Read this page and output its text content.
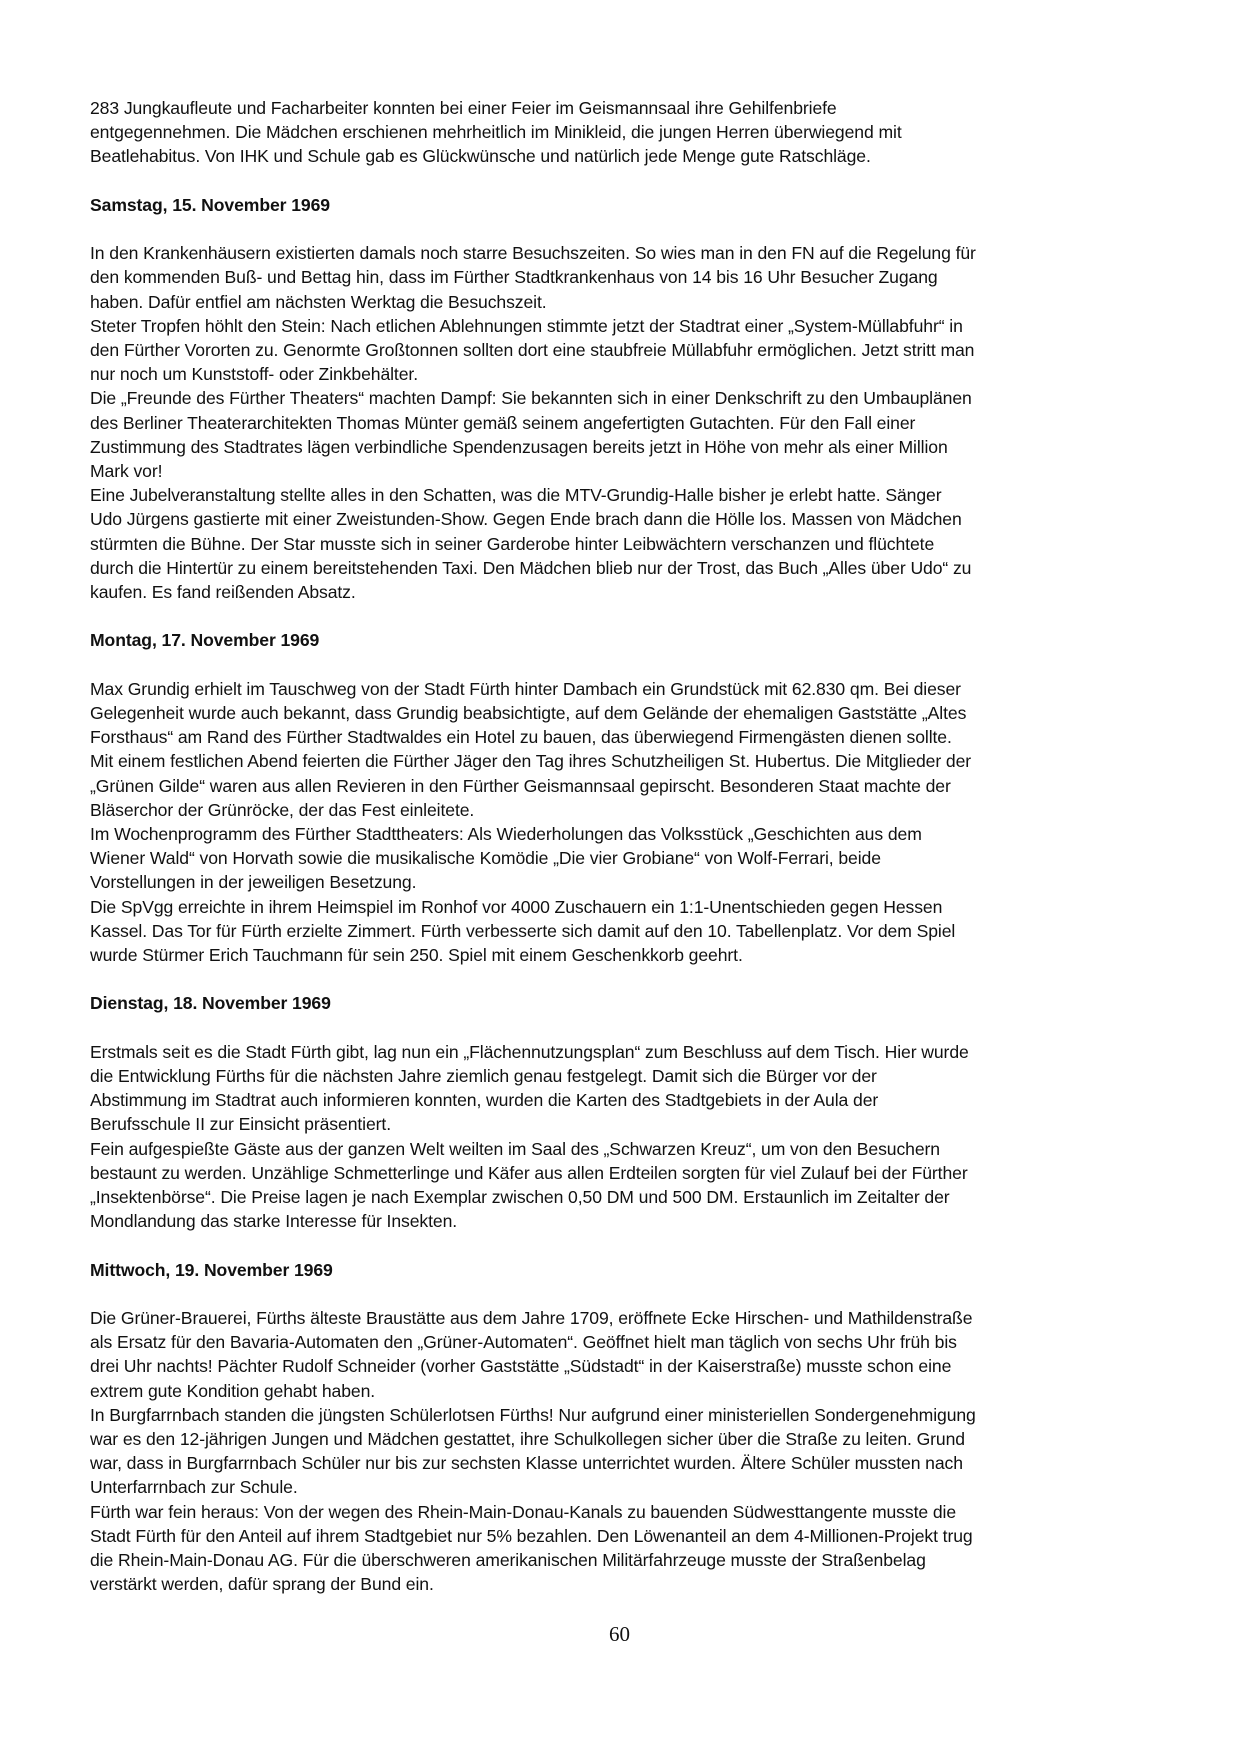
283 Jungkaufleute und Facharbeiter konnten bei einer Feier im Geismannsaal ihre Gehilfenbriefe
entgegennehmen. Die Mädchen erschienen mehrheitlich im Minikleid, die jungen Herren überwiegend mit
Beatlehabitus. Von IHK und Schule gab es Glückwünsche und natürlich jede Menge gute Ratschläge.
Samstag, 15. November 1969
In den Krankenhäusern existierten damals noch starre Besuchszeiten. So wies man in den FN auf die Regelung für
den kommenden Buß- und Bettag hin, dass im Fürther Stadtkrankenhaus von 14 bis 16 Uhr Besucher Zugang
haben. Dafür entfiel am nächsten Werktag die Besuchszeit.
Steter Tropfen höhlt den Stein: Nach etlichen Ablehnungen stimmte jetzt der Stadtrat einer „System-Müllabfuhr“ in
den Fürther Vororten zu. Genormte Großtonnen sollten dort eine staubfreie Müllabfuhr ermöglichen. Jetzt stritt man
nur noch um Kunststoff- oder Zinkbehälter.
Die „Freunde des Fürther Theaters“ machten Dampf: Sie bekannten sich in einer Denkschrift zu den Umbauplänen
des Berliner Theaterarchitekten Thomas Münter gemäß seinem angefertigten Gutachten. Für den Fall einer
Zustimmung des Stadtrates lägen verbindliche Spendenzusagen bereits jetzt in Höhe von mehr als einer Million
Mark vor!
Eine Jubelveranstaltung stellte alles in den Schatten, was die MTV-Grundig-Halle bisher je erlebt hatte. Sänger
Udo Jürgens gastierte mit einer Zweistunden-Show. Gegen Ende brach dann die Hölle los. Massen von Mädchen
stürmten die Bühne. Der Star musste sich in seiner Garderobe hinter Leibwächtern verschanzen und flüchtete
durch die Hintertür zu einem bereitstehenden Taxi. Den Mädchen blieb nur der Trost, das Buch „Alles über Udo“ zu
kaufen. Es fand reißenden Absatz.
Montag, 17. November 1969
Max Grundig erhielt im Tauschweg von der Stadt Fürth hinter Dambach ein Grundstück mit 62.830 qm. Bei dieser
Gelegenheit wurde auch bekannt, dass Grundig beabsichtigte, auf dem Gelände der ehemaligen Gaststätte „Altes
Forsthaus“ am Rand des Fürther Stadtwaldes ein Hotel zu bauen, das überwiegend Firmengästen dienen sollte.
Mit einem festlichen Abend feierten die Fürther Jäger den Tag ihres Schutzheiligen St. Hubertus. Die Mitglieder der
„Grünen Gilde“ waren aus allen Revieren in den Fürther Geismannsaal gepirscht. Besonderen Staat machte der
Bläserchor der Grünröcke, der das Fest einleitete.
Im Wochenprogramm des Fürther Stadttheaters: Als Wiederholungen das Volksstück „Geschichten aus dem
Wiener Wald“ von Horvath sowie die musikalische Komödie „Die vier Grobiane“ von Wolf-Ferrari, beide
Vorstellungen in der jeweiligen Besetzung.
Die SpVgg erreichte in ihrem Heimspiel im Ronhof vor 4000 Zuschauern ein 1:1-Unentschieden gegen Hessen
Kassel. Das Tor für Fürth erzielte Zimmert. Fürth verbesserte sich damit auf den 10. Tabellenplatz. Vor dem Spiel
wurde Stürmer Erich Tauchmann für sein 250. Spiel mit einem Geschenkkorb geehrt.
Dienstag, 18. November 1969
Erstmals seit es die Stadt Fürth gibt, lag nun ein „Flächennutzungsplan“ zum Beschluss auf dem Tisch. Hier wurde
die Entwicklung Fürths für die nächsten Jahre ziemlich genau festgelegt. Damit sich die Bürger vor der
Abstimmung im Stadtrat auch informieren konnten, wurden die Karten des Stadtgebiets in der Aula der
Berufsschule II zur Einsicht präsentiert.
Fein aufgespießte Gäste aus der ganzen Welt weilten im Saal des „Schwarzen Kreuz“, um von den Besuchern
bestaunt zu werden. Unzählige Schmetterlinge und Käfer aus allen Erdteilen sorgten für viel Zulauf bei der Fürther
„Insektenbörse“. Die Preise lagen je nach Exemplar zwischen 0,50 DM und 500 DM. Erstaunlich im Zeitalter der
Mondlandung das starke Interesse für Insekten.
Mittwoch, 19. November 1969
Die Grüner-Brauerei, Fürths älteste Braustätte aus dem Jahre 1709, eröffnete Ecke Hirschen- und Mathildenstraße
als Ersatz für den Bavaria-Automaten den „Grüner-Automaten“. Geöffnet hielt man täglich von sechs Uhr früh bis
drei Uhr nachts! Pächter Rudolf Schneider (vorher Gaststätte „Südstadt“ in der Kaiserstraße) musste schon eine
extrem gute Kondition gehabt haben.
In Burgfarrnbach standen die jüngsten Schülerlotsen Fürths! Nur aufgrund einer ministeriellen Sondergenehmigung
war es den 12-jährigen Jungen und Mädchen gestattet, ihre Schulkollegen sicher über die Straße zu leiten. Grund
war, dass in Burgfarrnbach Schüler nur bis zur sechsten Klasse unterrichtet wurden. Ältere Schüler mussten nach
Unterfarrnbach zur Schule.
Fürth war fein heraus: Von der wegen des Rhein-Main-Donau-Kanals zu bauenden Südwesttangente musste die
Stadt Fürth für den Anteil auf ihrem Stadtgebiet nur 5% bezahlen. Den Löwenanteil an dem 4-Millionen-Projekt trug
die Rhein-Main-Donau AG. Für die überschweren amerikanischen Militärfahrzeuge musste der Straßenbelag
verstärkt werden, dafür sprang der Bund ein.
60
